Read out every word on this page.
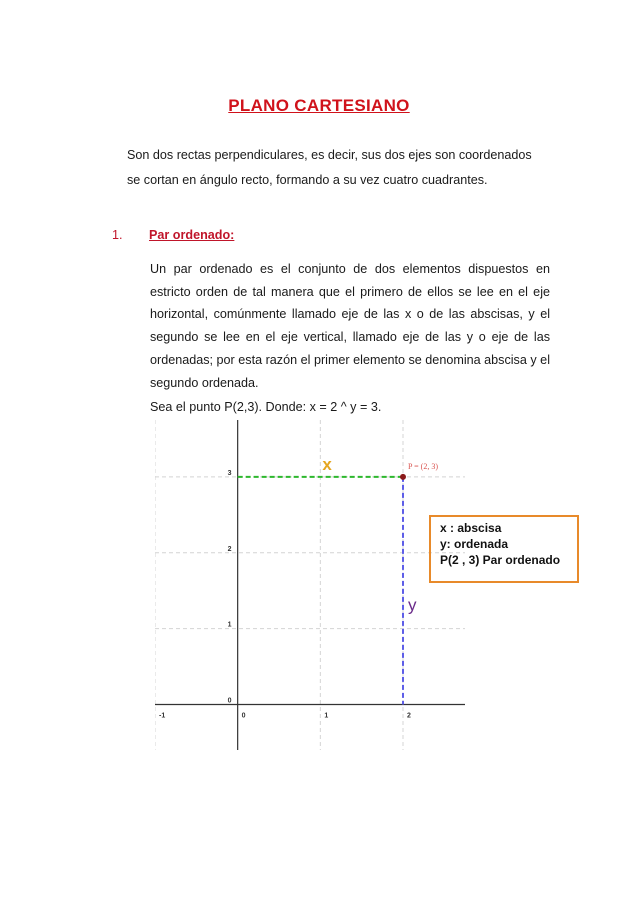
PLANO CARTESIANO
Son dos rectas perpendiculares, es decir, sus dos ejes son coordenados
se cortan en ángulo recto, formando a su vez cuatro cuadrantes.
1. Par ordenado:
Un par ordenado es el conjunto de dos elementos dispuestos en estricto orden de tal manera que el primero de ellos se lee en el eje horizontal, comúnmente llamado eje de las x o de las abscisas, y el segundo se lee en el eje vertical, llamado eje de las y o eje de las ordenadas; por esta razón el primer elemento se denomina abscisa y el segundo ordenada.
Sea el punto P(2,3). Donde: x = 2 ^ y = 3.
-1	0	1	2
0
1
2
3
P = (2, 3)
x
y
x : abscisa
y: ordenada
P(2 , 3) Par ordenado
